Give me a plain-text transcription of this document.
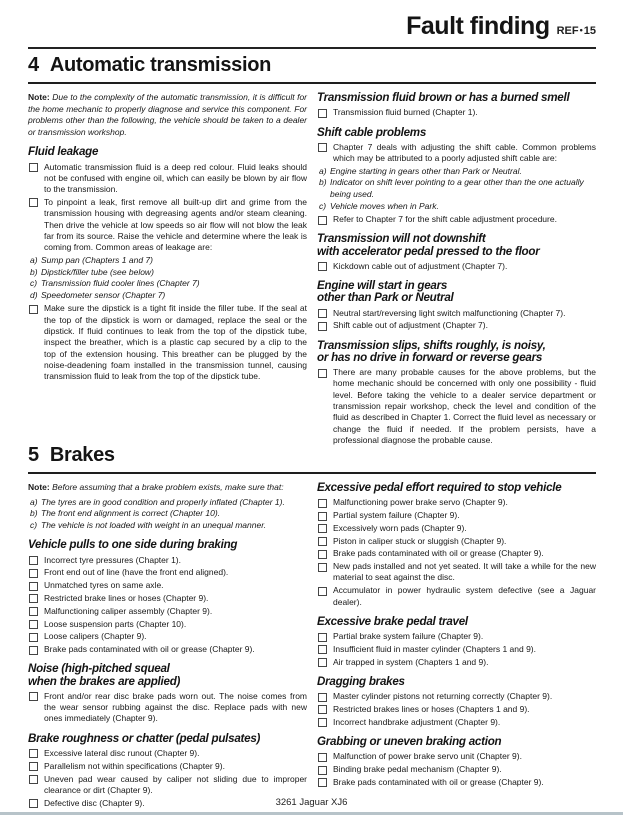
Fault finding REF•15
4 Automatic transmission

Note: Due to the complexity of the automatic transmission, it is difficult for the home mechanic to properly diagnose and service this component. For problems other than the following, the vehicle should be taken to a dealer or transmission workshop.

Fluid leakage
Automatic transmission fluid is a deep red colour. Fluid leaks should not be confused with engine oil, which can easily be blown by air flow to the transmission.
To pinpoint a leak, first remove all built-up dirt and grime from the transmission housing with degreasing agents and/or steam cleaning. Then drive the vehicle at low speeds so air flow will not blow the leak far from its source. Raise the vehicle and determine where the leak is coming from. Common areas of leakage are:
a) Sump pan (Chapters 1 and 7)
b) Dipstick/filler tube (see below)
c) Transmission fluid cooler lines (Chapter 7)
d) Speedometer sensor (Chapter 7)
Make sure the dipstick is a tight fit inside the filler tube. If the seal at the top of the dipstick is worn or damaged, replace the seal or the dipstick. If fluid continues to leak from the top of the dipstick tube, inspect the breather, which is a plastic cap secured by a clip to the top of the extension housing. This breather can be plugged by the noise-deadening foam installed in the transmission tunnel, causing transmission fluid to leak from the top of the dipstick tube.
Transmission fluid brown or has a burned smell
Transmission fluid burned (Chapter 1).
Shift cable problems
Chapter 7 deals with adjusting the shift cable. Common problems which may be attributed to a poorly adjusted shift cable are:
a) Engine starting in gears other than Park or Neutral.
b) Indicator on shift lever pointing to a gear other than the one actually being used.
c) Vehicle moves when in Park.
Refer to Chapter 7 for the shift cable adjustment procedure.
Transmission will not downshift
with accelerator pedal pressed to the floor
Kickdown cable out of adjustment (Chapter 7).
Engine will start in gears
other than Park or Neutral
Neutral start/reversing light switch malfunctioning (Chapter 7).
Shift cable out of adjustment (Chapter 7).
Transmission slips, shifts roughly, is noisy,
or has no drive in forward or reverse gears
There are many probable causes for the above problems, but the home mechanic should be concerned with only one possibility - fluid level. Before taking the vehicle to a dealer service department or transmission repair workshop, check the level and condition of the fluid as described in Chapter 1. Correct the fluid level as necessary or change the fluid if needed. If the problem persists, have a professional diagnose the probable cause.
5 Brakes

Note: Before assuming that a brake problem exists, make sure that:

a) The tyres are in good condition and properly inflated (Chapter 1).
b) The front end alignment is correct (Chapter 10).
c) The vehicle is not loaded with weight in an unequal manner.
Vehicle pulls to one side during braking
Incorrect tyre pressures (Chapter 1).
Front end out of line (have the front end aligned).
Unmatched tyres on same axle.
Restricted brake lines or hoses (Chapter 9).
Malfunctioning caliper assembly (Chapter 9).
Loose suspension parts (Chapter 10).
Loose calipers (Chapter 9).
Brake pads contaminated with oil or grease (Chapter 9).
Noise (high-pitched squeal
when the brakes are applied)
Front and/or rear disc brake pads worn out. The noise comes from the wear sensor rubbing against the disc. Replace pads with new ones immediately (Chapter 9).
Brake roughness or chatter (pedal pulsates)
Excessive lateral disc runout (Chapter 9).
Parallelism not within specifications (Chapter 9).
Uneven pad wear caused by caliper not sliding due to improper clearance or dirt (Chapter 9).
Defective disc (Chapter 9).
Excessive pedal effort required to stop vehicle
Malfunctioning power brake servo (Chapter 9).
Partial system failure (Chapter 9).
Excessively worn pads (Chapter 9).
Piston in caliper stuck or sluggish (Chapter 9).
Brake pads contaminated with oil or grease (Chapter 9).
New pads installed and not yet seated. It will take a while for the new material to seat against the disc.
Accumulator in power hydraulic system defective (see a Jaguar dealer).
Excessive brake pedal travel
Partial brake system failure (Chapter 9).
Insufficient fluid in master cylinder (Chapters 1 and 9).
Air trapped in system (Chapters 1 and 9).
Dragging brakes
Master cylinder pistons not returning correctly (Chapter 9).
Restricted brakes lines or hoses (Chapters 1 and 9).
Incorrect handbrake adjustment (Chapter 9).
Grabbing or uneven braking action
Malfunction of power brake servo unit (Chapter 9).
Binding brake pedal mechanism (Chapter 9).
Brake pads contaminated with oil or grease (Chapter 9).
3261 Jaguar XJ6
